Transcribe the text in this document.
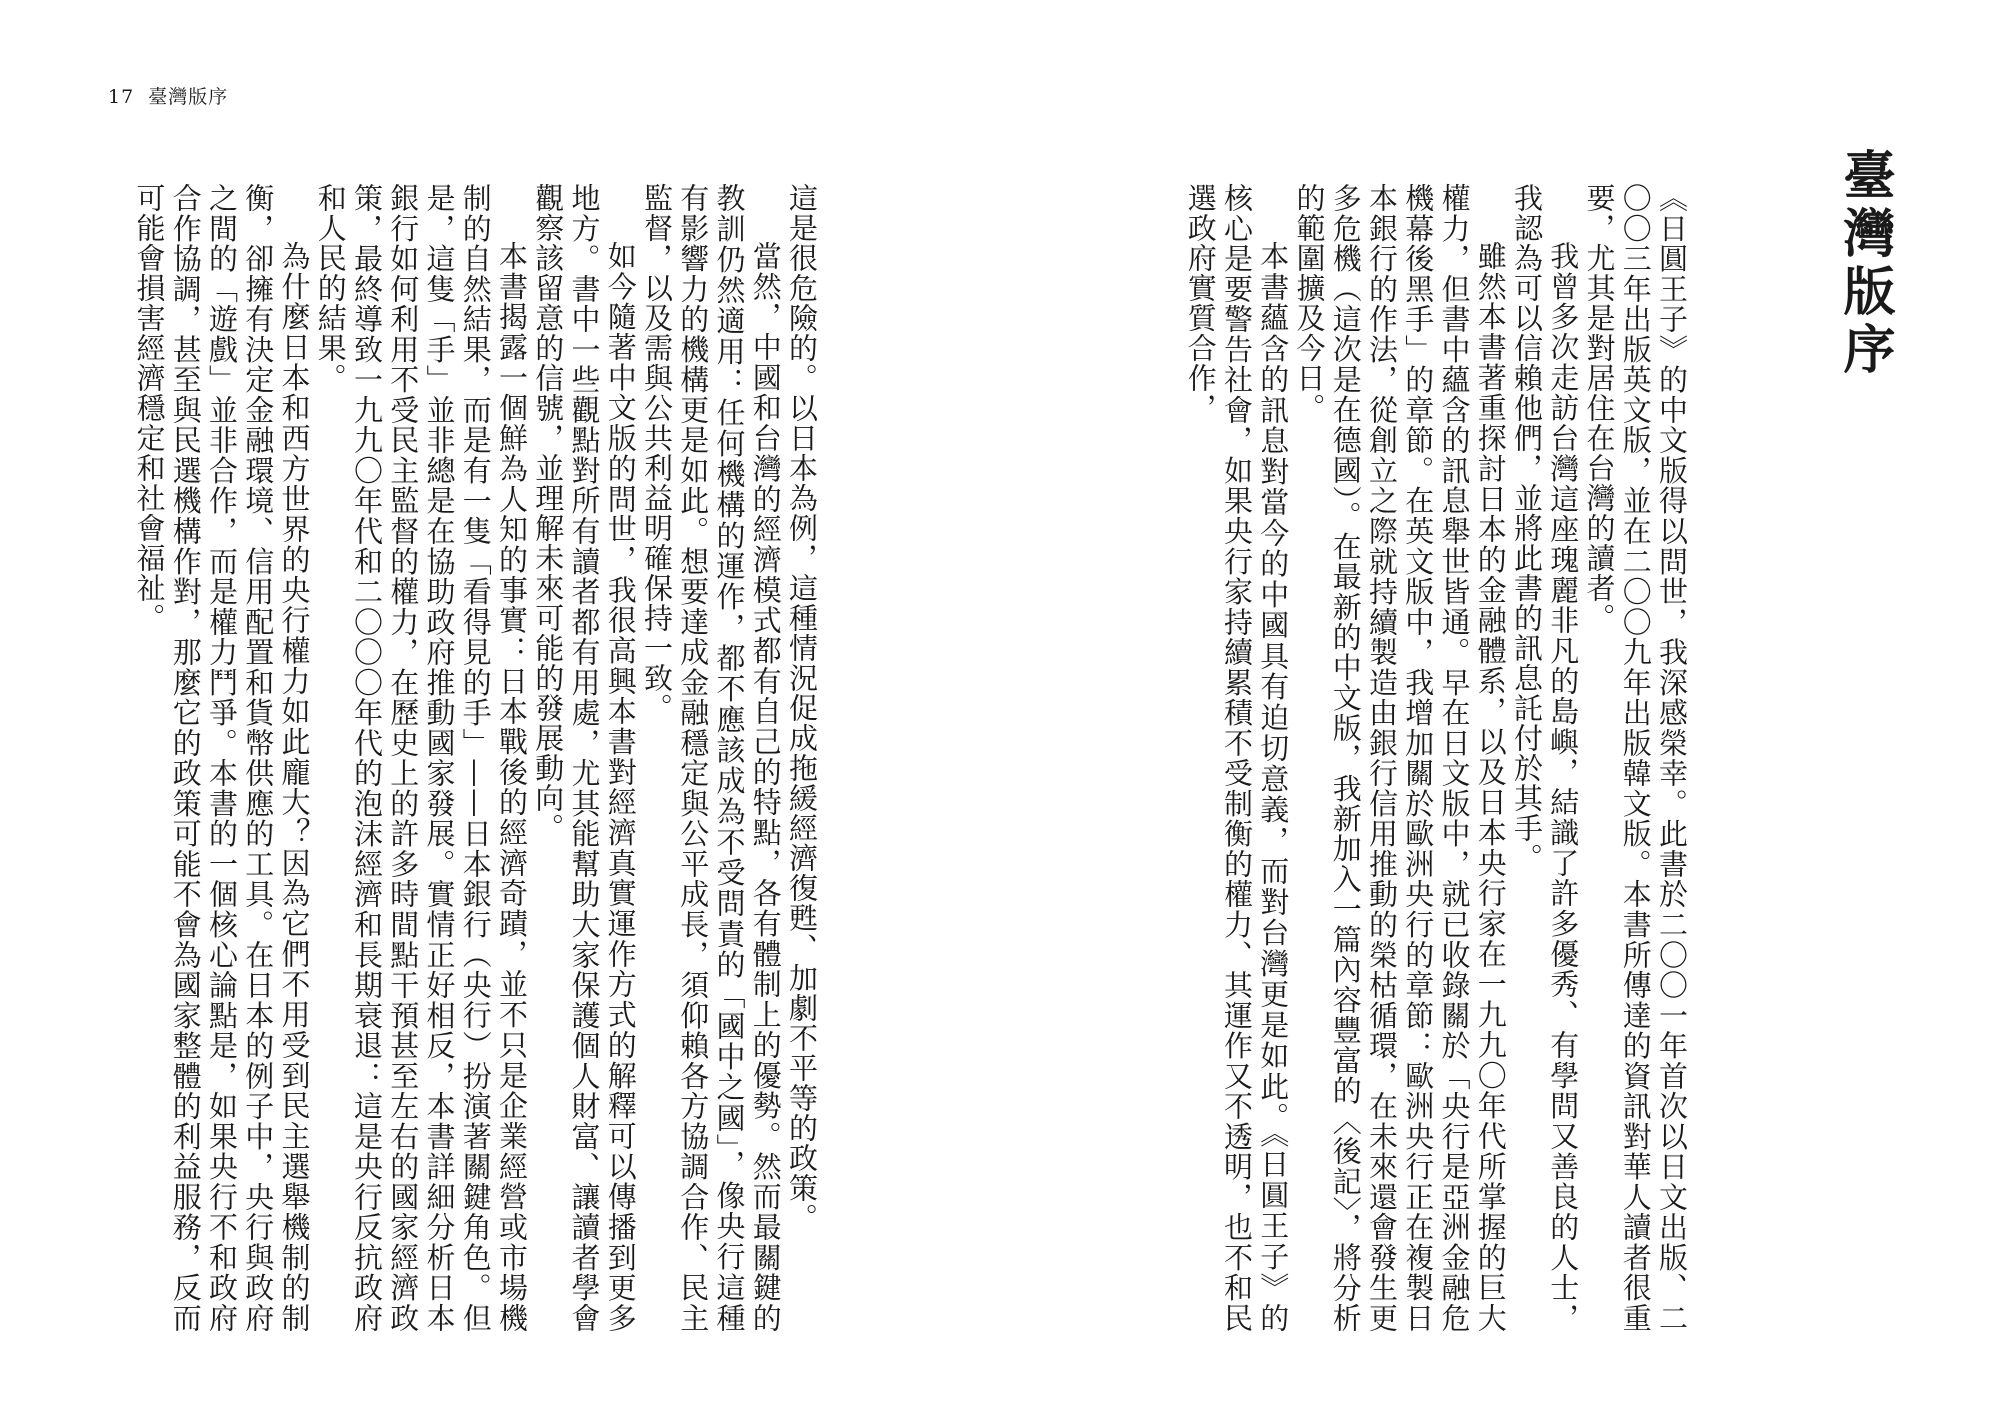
17 臺灣版序
臺灣版序

《日圓王子》的中文版得以問世，我深感榮幸。此書於二〇〇一年首次以日文出版、二〇〇三年出版英文版，並在二〇〇九年出版韓文版。本書所傳達的資訊對華人讀者很重要，尤其是對居住在台灣的讀者。

我曾多次走訪台灣這座瑰麗非凡的島嶼，結識了許多優秀、有學問又善良的人士，我認為可以信賴他們，並將此書的訊息託付於其手。

雖然本書著重探討日本的金融體系，以及日本央行家在一九九〇年代所掌握的巨大權力，但書中蘊含的訊息舉世皆通。早在日文版中，就已收錄關於「央行是亞洲金融危機幕後黑手」的章節。在英文版中，我增加關於歐洲央行的章節：歐洲央行正在複製日本銀行的作法，從創立之際就持續製造由銀行信用推動的榮枯循環，在未來還會發生更多危機（這次是在德國）。在最新的中文版，我新加入一篇內容豐富的〈後記〉，將分析的範圍擴及今日。

本書蘊含的訊息對當今的中國具有迫切意義，而對台灣更是如此。《日圓王子》的核心是要警告社會，如果央行家持續累積不受制衡的權力、其運作又不透明，也不和民選政府實質合作，

這是很危險的。以日本為例，這種情況促成拖緩經濟復甦、加劇不平等的政策。

當然，中國和台灣的經濟模式都有自己的特點，各有體制上的優勢。然而最關鍵的教訓仍然適用：任何機構的運作，都不應該成為不受問責的「國中之國」，像央行這種有影響力的機構更是如此。想要達成金融穩定與公平成長，須仰賴各方協調合作、民主監督，以及需與公共利益明確保持一致。

如今隨著中文版的問世，我很高興本書對經濟真實運作方式的解釋可以傳播到更多地方。書中一些觀點對所有讀者都有用處，尤其能幫助大家保護個人財富、讓讀者學會觀察該留意的信號，並理解未來可能的發展動向。

本書揭露一個鮮為人知的事實：日本戰後的經濟奇蹟，並不只是企業經營或市場機制的自然結果，而是有一隻「看得見的手」——日本銀行（央行）扮演著關鍵角色。但是，這隻「手」並非總是在協助政府推動國家發展。實情正好相反，本書詳細分析日本銀行如何利用不受民主監督的權力，在歷史上的許多時間點干預甚至左右的國家經濟政策，最終導致一九九〇年代和二〇〇〇年代的泡沫經濟和長期衰退：這是央行反抗政府和人民的結果。

為什麼日本和西方世界的央行權力如此龐大？因為它們不用受到民主選舉機制的制衡，卻擁有決定金融環境、信用配置和貨幣供應的工具。在日本的例子中，央行與政府之間的「遊戲」並非合作，而是權力鬥爭。本書的一個核心論點是，如果央行不和政府合作協調，甚至與民選機構作對，那麼它的政策可能不會為國家整體的利益服務，反而可能會損害經濟穩定和社會福祉。
